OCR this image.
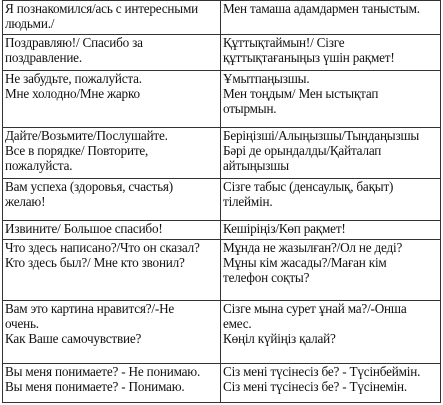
Я познакомился/ась с интересными
людьми./	Мен тамаша адамдармен таныстым.

Поздравляю!/ Спасибо за
поздравление.	Құттықтаймын!/ Сізге
құттықтағаныңыз үшін рақмет!

Не забудьте, пожалуйста.
Мне холодно/Мне жарко	Ұмытпаңызшы.
Мен тоңдым/ Мен ыстықтап
отырмын.

Дайте/Возьмите/Послушайте.
Все в порядке/ Повторите,
пожалуйста.	Беріңізші/Алыңызшы/Тыңдаңызшы
Бәрі де орындалды/Қайталап
айтыңызшы

Вам успеха (здоровья, счастья)
желаю!	Сізге табыс (денсаулық, бақыт)
тілеймін.

Извините/ Большое спасибо!	Кешіріңіз/Көп рақмет!

Что здесь написано?/Что он сказал?
Кто здесь был?/ Мне кто звонил?	Мұнда не жазылған?/Ол не деді?
Мұны кім жасады?/Маған кім
телефон соқты?

Вам это картина нравится?/-Не
очень.
Как Ваше самочувствие?	Сізге мына сурет ұнай ма?/-Онша
емес.
Көңіл күйіңіз қалай?

Вы меня понимаете? - Не понимаю.
Вы меня понимаете? - Понимаю.	Сіз мені түсінесіз бе? - Түсінбеймін.
Сіз мені түсінесіз бе? - Түсінемін.
